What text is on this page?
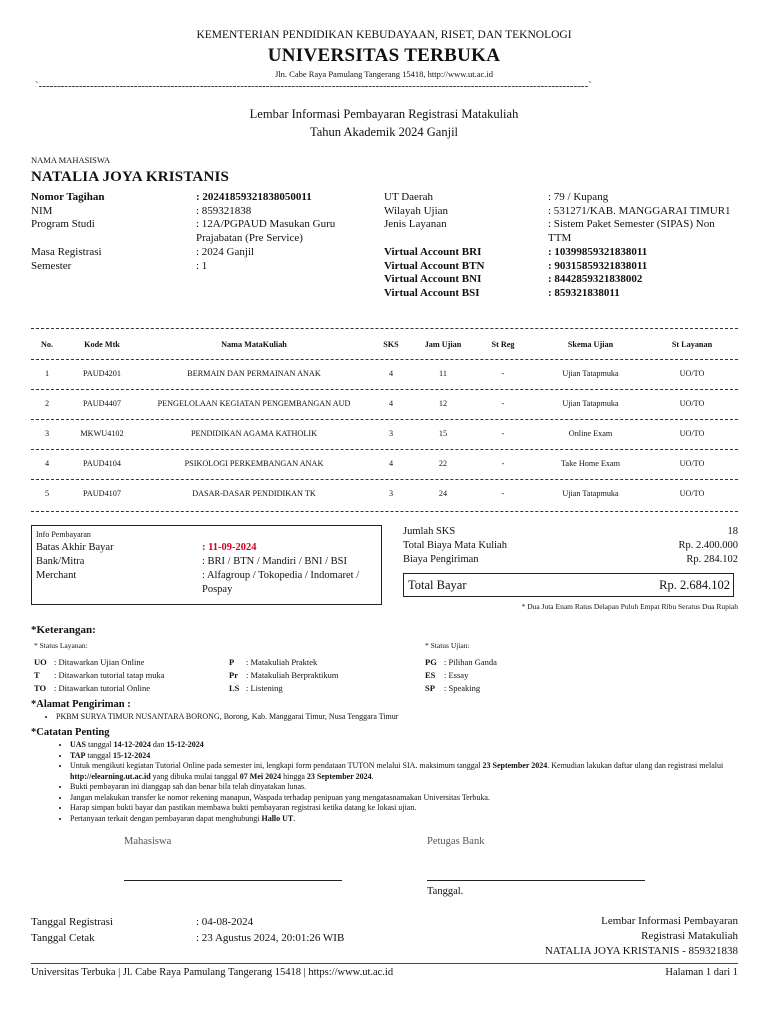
KEMENTERIAN PENDIDIKAN KEBUDAYAAN, RISET, DAN TEKNOLOGI
UNIVERSITAS TERBUKA
Jln. Cabe Raya Pamulang Tangerang 15418, http://www.ut.ac.id
`------------------------------------------------------------------------------------------------------------------------------------------------------`
Lembar Informasi Pembayaran Registrasi Matakuliah
Tahun Akademik 2024 Ganjil
NAMA MAHASISWA
NATALIA JOYA KRISTANIS
Nomor Tagihan	: 20241859321838050011
NIM	: 859321838
Program Studi	: 12A/PGPAUD Masukan Guru Prajabatan (Pre Service)
Masa Registrasi	: 2024 Ganjil
Semester	: 1
UT Daerah	: 79 / Kupang
Wilayah Ujian	: 531271/KAB. MANGGARAI TIMUR1
Jenis Layanan	: Sistem Paket Semester (SIPAS) Non TTM
Virtual Account BRI	: 10399859321838011
Virtual Account BTN	: 90315859321838011
Virtual Account BNI	: 8442859321838002
Virtual Account BSI	: 859321838011
No.	Kode Mtk	Nama MataKuliah	SKS	Jam Ujian	St Reg	Skema Ujian	St Layanan
1	PAUD4201	BERMAIN DAN PERMAINAN ANAK	4	11	-	Ujian Tatapmuka	UO/TO
2	PAUD4407	PENGELOLAAN KEGIATAN PENGEMBANGAN AUD	4	12	-	Ujian Tatapmuka	UO/TO
3	MKWU4102	PENDIDIKAN AGAMA KATHOLIK	3	15	-	Online Exam	UO/TO
4	PAUD4104	PSIKOLOGI PERKEMBANGAN ANAK	4	22	-	Take Home Exam	UO/TO
5	PAUD4107	DASAR-DASAR PENDIDIKAN TK	3	24	-	Ujian Tatapmuka	UO/TO
Info Pembayaran
Batas Akhir Bayar	: 11-09-2024
Bank/Mitra	: BRI / BTN / Mandiri / BNI / BSI
Merchant	: Alfagroup / Tokopedia / Indomaret / Pospay
Jumlah SKS	18
Total Biaya Mata Kuliah	Rp. 2.400.000
Biaya Pengiriman	Rp. 284.102
Total Bayar	Rp. 2.684.102
* Dua Juta Enam Ratus Delapan Puluh Empat Ribu Seratus Dua Rupiah
*Keterangan:
* Status Layanan:	* Status Ujian:
UO : Ditawarkan Ujian Online
T : Ditawarkan tutorial tatap muka
TO : Ditawarkan tutorial Online
P : Matakuliah Praktek
Pr : Matakuliah Berpraktikum
LS : Listening
PG : Pilihan Ganda
ES : Essay
SP : Speaking
*Alamat Pengiriman :
• PKBM SURYA TIMUR NUSANTARA BORONG, Borong, Kab. Manggarai Timur, Nusa Tenggara Timur
*Catatan Penting
• UAS tanggal 14-12-2024 dan 15-12-2024
• TAP tanggal 15-12-2024
• Untuk mengikuti kegiatan Tutorial Online pada semester ini, lengkapi form pendataan TUTON melalui SIA. maksimum tanggal 23 September 2024. Kemudian lakukan daftar ulang dan registrasi melalui http://elearning.ut.ac.id yang dibuka mulai tanggal 07 Mei 2024 hingga 23 September 2024.
• Bukti pembayaran ini dianggap sah dan benar bila telah dinyatakan lunas.
• Jangan melakukan transfer ke nomor rekening manapun, Waspada terhadap penipuan yang mengatasnamakan Universitas Terbuka.
• Harap simpan bukti bayar dan pastikan membawa bukti pembayaran registrasi ketika datang ke lokasi ujian.
• Pertanyaan terkait dengan pembayaran dapat menghubungi Hallo UT.
Mahasiswa	Petugas Bank
Tanggal.
Tanggal Registrasi	: 04-08-2024
Tanggal Cetak	: 23 Agustus 2024, 20:01:26 WIB
Lembar Informasi Pembayaran
Registrasi Matakuliah
NATALIA JOYA KRISTANIS - 859321838
Universitas Terbuka | Jl. Cabe Raya Pamulang Tangerang 15418 | https://www.ut.ac.id	Halaman 1 dari 1
